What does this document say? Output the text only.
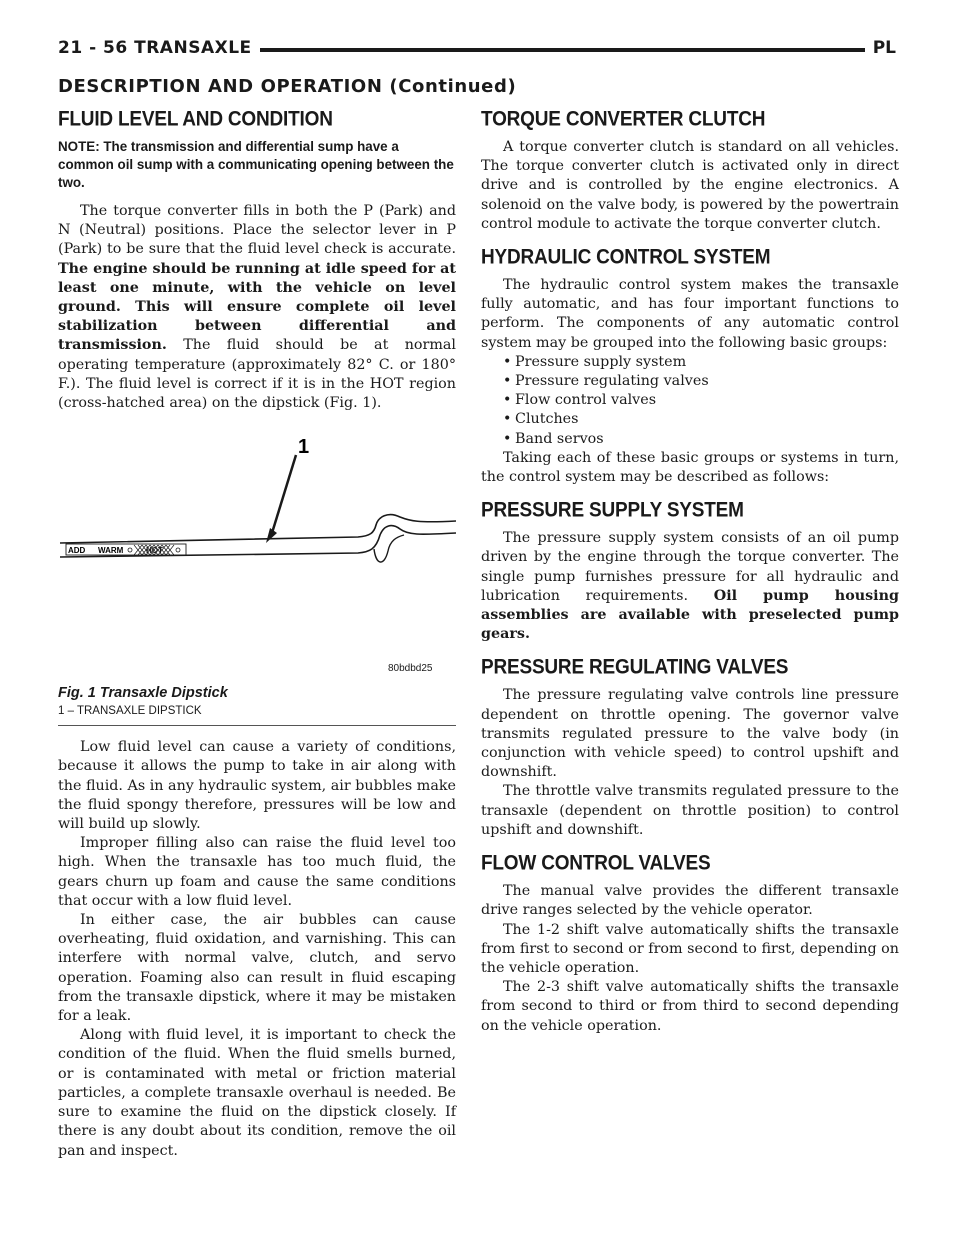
21 - 56 TRANSAXLE	PL
DESCRIPTION AND OPERATION (Continued)
FLUID LEVEL AND CONDITION
NOTE: The transmission and differential sump have a common oil sump with a communicating opening between the two.

The torque converter fills in both the P (Park) and N (Neutral) positions. Place the selector lever in P (Park) to be sure that the fluid level check is accurate. The engine should be running at idle speed for at least one minute, with the vehicle on level ground. This will ensure complete oil level stabilization between differential and transmission. The fluid should be at normal operating temperature (approximately 82° C. or 180° F.). The fluid level is correct if it is in the HOT region (cross-hatched area) on the dipstick (Fig. 1).

1
ADD WARM	HOT
80bdbd25
Fig. 1 Transaxle Dipstick
1 – TRANSAXLE DIPSTICK

Low fluid level can cause a variety of conditions, because it allows the pump to take in air along with the fluid. As in any hydraulic system, air bubbles make the fluid spongy therefore, pressures will be low and will build up slowly.

Improper filling also can raise the fluid level too high. When the transaxle has too much fluid, the gears churn up foam and cause the same conditions that occur with a low fluid level.

In either case, the air bubbles can cause overheating, fluid oxidation, and varnishing. This can interfere with normal valve, clutch, and servo operation. Foaming also can result in fluid escaping from the transaxle dipstick, where it may be mistaken for a leak.

Along with fluid level, it is important to check the condition of the fluid. When the fluid smells burned, or is contaminated with metal or friction material particles, a complete transaxle overhaul is needed. Be sure to examine the fluid on the dipstick closely. If there is any doubt about its condition, remove the oil pan and inspect.

TORQUE CONVERTER CLUTCH

A torque converter clutch is standard on all vehicles. The torque converter clutch is activated only in direct drive and is controlled by the engine electronics. A solenoid on the valve body, is powered by the powertrain control module to activate the torque converter clutch.

HYDRAULIC CONTROL SYSTEM

The hydraulic control system makes the transaxle fully automatic, and has four important functions to perform. The components of any automatic control system may be grouped into the following basic groups:

• Pressure supply system
• Pressure regulating valves
• Flow control valves
• Clutches
• Band servos

Taking each of these basic groups or systems in turn, the control system may be described as follows:

PRESSURE SUPPLY SYSTEM

The pressure supply system consists of an oil pump driven by the engine through the torque converter. The single pump furnishes pressure for all hydraulic and lubrication requirements. Oil pump housing assemblies are available with preselected pump gears.

PRESSURE REGULATING VALVES

The pressure regulating valve controls line pressure dependent on throttle opening. The governor valve transmits regulated pressure to the valve body (in conjunction with vehicle speed) to control upshift and downshift.

The throttle valve transmits regulated pressure to the transaxle (dependent on throttle position) to control upshift and downshift.

FLOW CONTROL VALVES

The manual valve provides the different transaxle drive ranges selected by the vehicle operator.

The 1-2 shift valve automatically shifts the transaxle from first to second or from second to first, depending on the vehicle operation.

The 2-3 shift valve automatically shifts the transaxle from second to third or from third to second depending on the vehicle operation.
